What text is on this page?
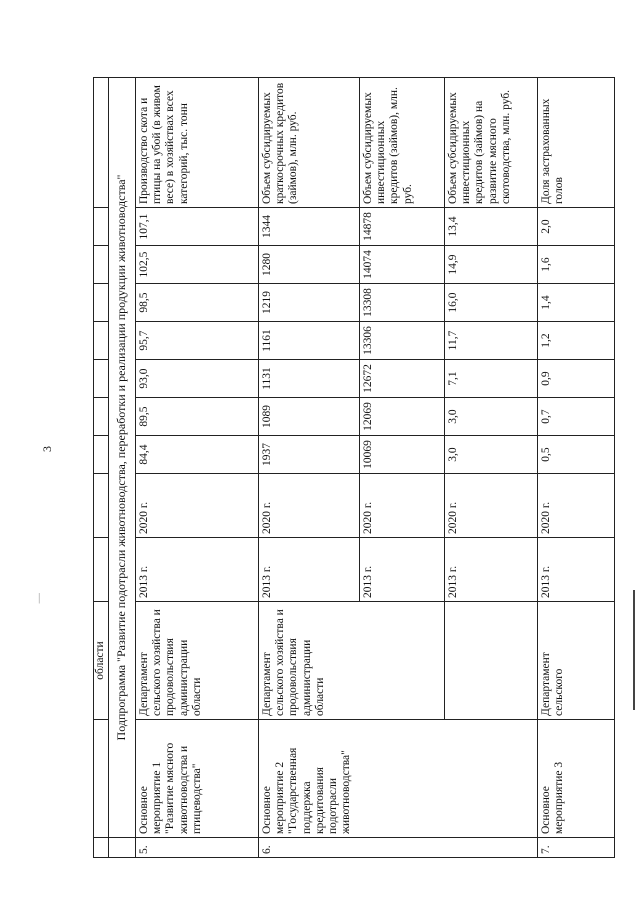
3
|
		области										
	Подпрограмма "Развитие подотрасли животноводства, переработки и реализации продукции животноводства"											
5.	Основное мероприятие 1 "Развитие мясного животноводства и птицеводства"	Департамент сельского хозяйства и продовольствия администрации области	2013 г.	2020 г.	84,4	89,5	93,0	95,7	98,5	102,5	107,1	Производство скота и птицы на убой (в живом весе) в хозяйствах всех категорий, тыс. тонн
6.	Основное мероприятие 2 "Государственная поддержка кредитования подотрасли животноводства"	Департамент сельского хозяйства и продовольствия администрации области	2013 г.	2020 г.	1937	1089	1131	1161	1219	1280	1344	Объем субсидируемых краткосрочных кредитов (займов), млн. руб.
			2013 г.	2020 г.	10069	12069	12672	13306	13308	14074	14878	Объем субсидируемых инвестиционных кредитов (займов), млн. руб.
			2013 г.	2020 г.	3,0	3,0	7,1	11,7	16,0	14,9	13,4	Объем субсидируемых инвестиционных кредитов (займов) на развитие мясного скотоводства, млн. руб.
7.	Основное мероприятие 3	Департамент сельского	2013 г.	2020 г.	0,5	0,7	0,9	1,2	1,4	1,6	2,0	Доля застрахованных голов
